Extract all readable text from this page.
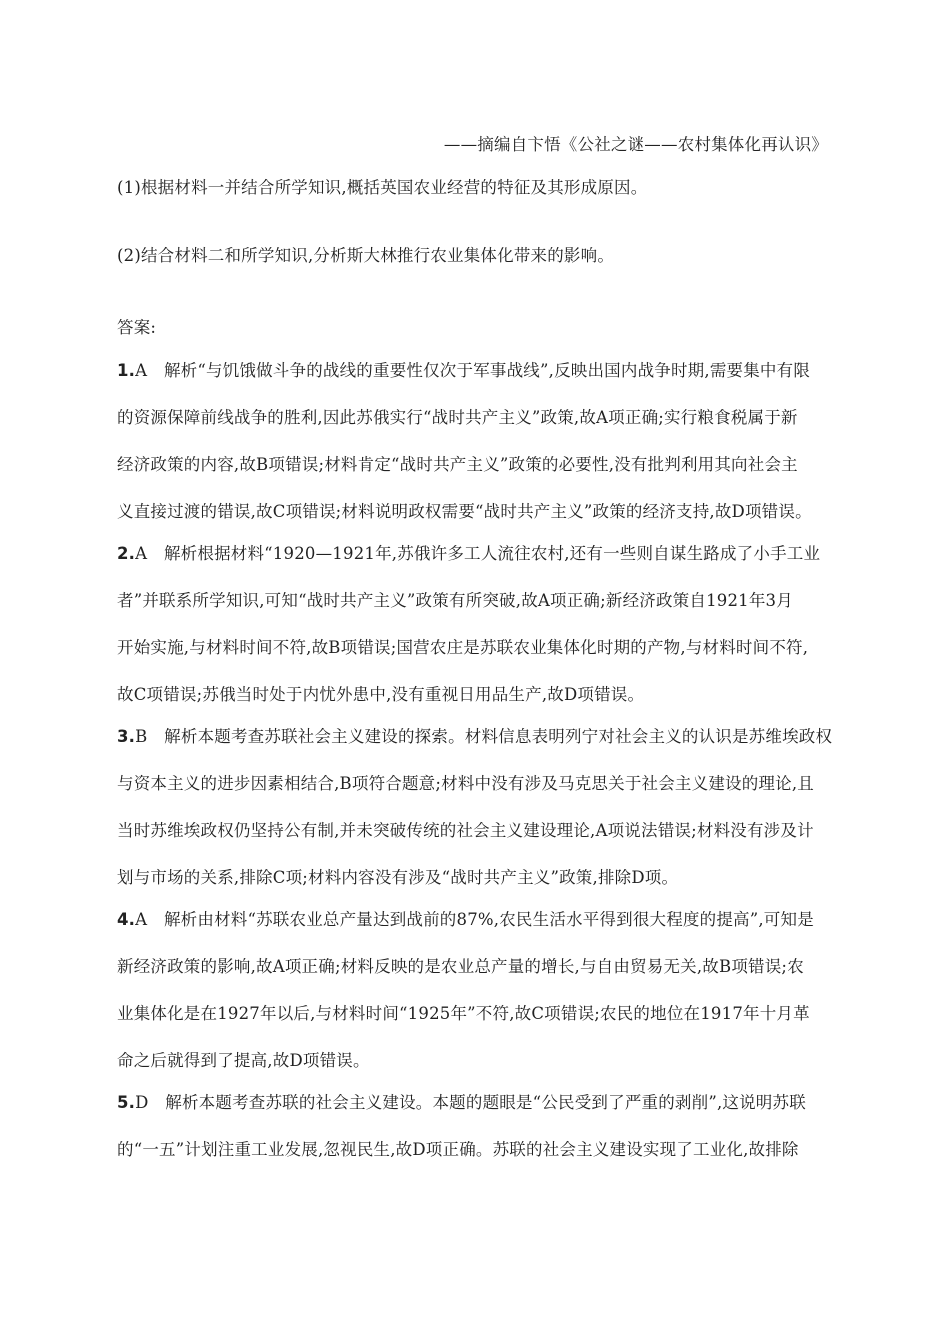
——摘编自卞悟《公社之谜——农村集体化再认识》
(1)根据材料一并结合所学知识,概括英国农业经营的特征及其形成原因。
(2)结合材料二和所学知识,分析斯大林推行农业集体化带来的影响。
答案:
1.A　解析“与饥饿做斗争的战线的重要性仅次于军事战线”,反映出国内战争时期,需要集中有限
的资源保障前线战争的胜利,因此苏俄实行“战时共产主义”政策,故A项正确;实行粮食税属于新
经济政策的内容,故B项错误;材料肯定“战时共产主义”政策的必要性,没有批判利用其向社会主
义直接过渡的错误,故C项错误;材料说明政权需要“战时共产主义”政策的经济支持,故D项错误。
2.A　解析根据材料“1920—1921年,苏俄许多工人流往农村,还有一些则自谋生路成了小手工业
者”并联系所学知识,可知“战时共产主义”政策有所突破,故A项正确;新经济政策自1921年3月
开始实施,与材料时间不符,故B项错误;国营农庄是苏联农业集体化时期的产物,与材料时间不符,
故C项错误;苏俄当时处于内忧外患中,没有重视日用品生产,故D项错误。
3.B　解析本题考查苏联社会主义建设的探索。材料信息表明列宁对社会主义的认识是苏维埃政权
与资本主义的进步因素相结合,B项符合题意;材料中没有涉及马克思关于社会主义建设的理论,且
当时苏维埃政权仍坚持公有制,并未突破传统的社会主义建设理论,A项说法错误;材料没有涉及计
划与市场的关系,排除C项;材料内容没有涉及“战时共产主义”政策,排除D项。
4.A　解析由材料“苏联农业总产量达到战前的87%,农民生活水平得到很大程度的提高”,可知是
新经济政策的影响,故A项正确;材料反映的是农业总产量的增长,与自由贸易无关,故B项错误;农
业集体化是在1927年以后,与材料时间“1925年”不符,故C项错误;农民的地位在1917年十月革
命之后就得到了提高,故D项错误。
5.D　解析本题考查苏联的社会主义建设。本题的题眼是“公民受到了严重的剥削”,这说明苏联
的“一五”计划注重工业发展,忽视民生,故D项正确。苏联的社会主义建设实现了工业化,故排除
